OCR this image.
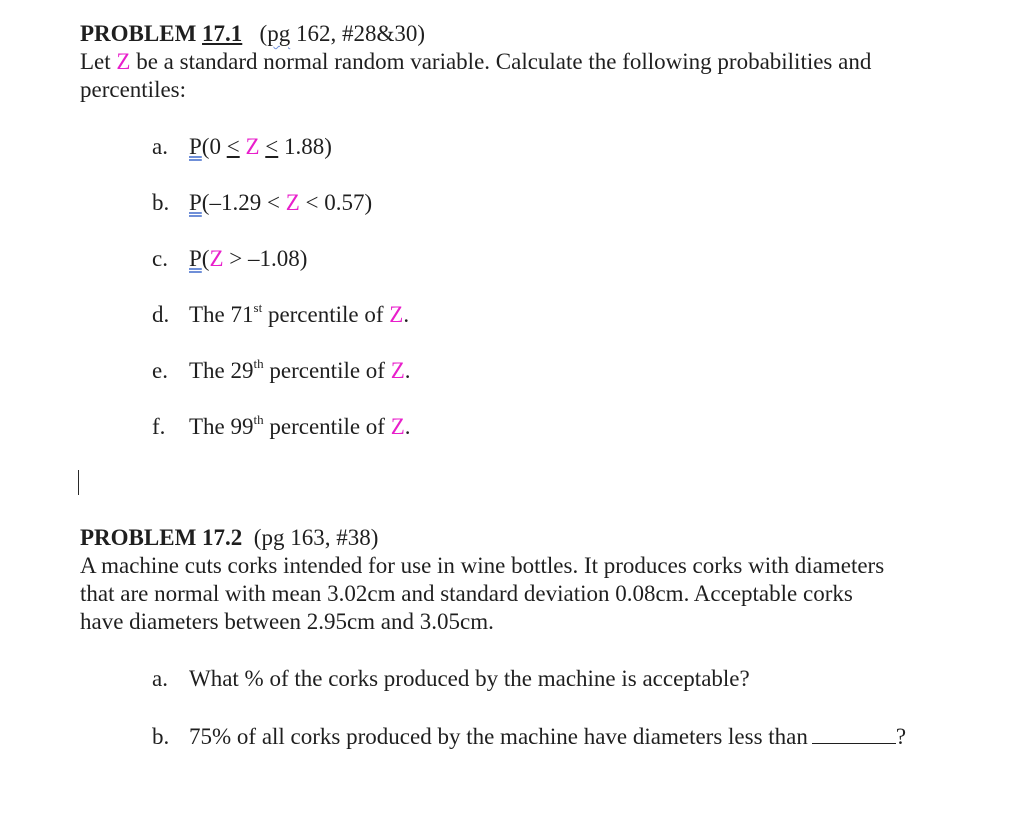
PROBLEM 17.1   (pg 162, #28&30)
Let Z be a standard normal random variable. Calculate the following probabilities and
percentiles:
a. P(0 ≤ Z ≤ 1.88)
b. P(–1.29 < Z < 0.57)
c. P(Z > –1.08)
d. The 71st percentile of Z.
e. The 29th percentile of Z.
f. The 99th percentile of Z.
PROBLEM 17.2 (pg 163, #38)
A machine cuts corks intended for use in wine bottles. It produces corks with diameters
that are normal with mean 3.02cm and standard deviation 0.08cm. Acceptable corks
have diameters between 2.95cm and 3.05cm.
a. What % of the corks produced by the machine is acceptable?
b. 75% of all corks produced by the machine have diameters less than	?
